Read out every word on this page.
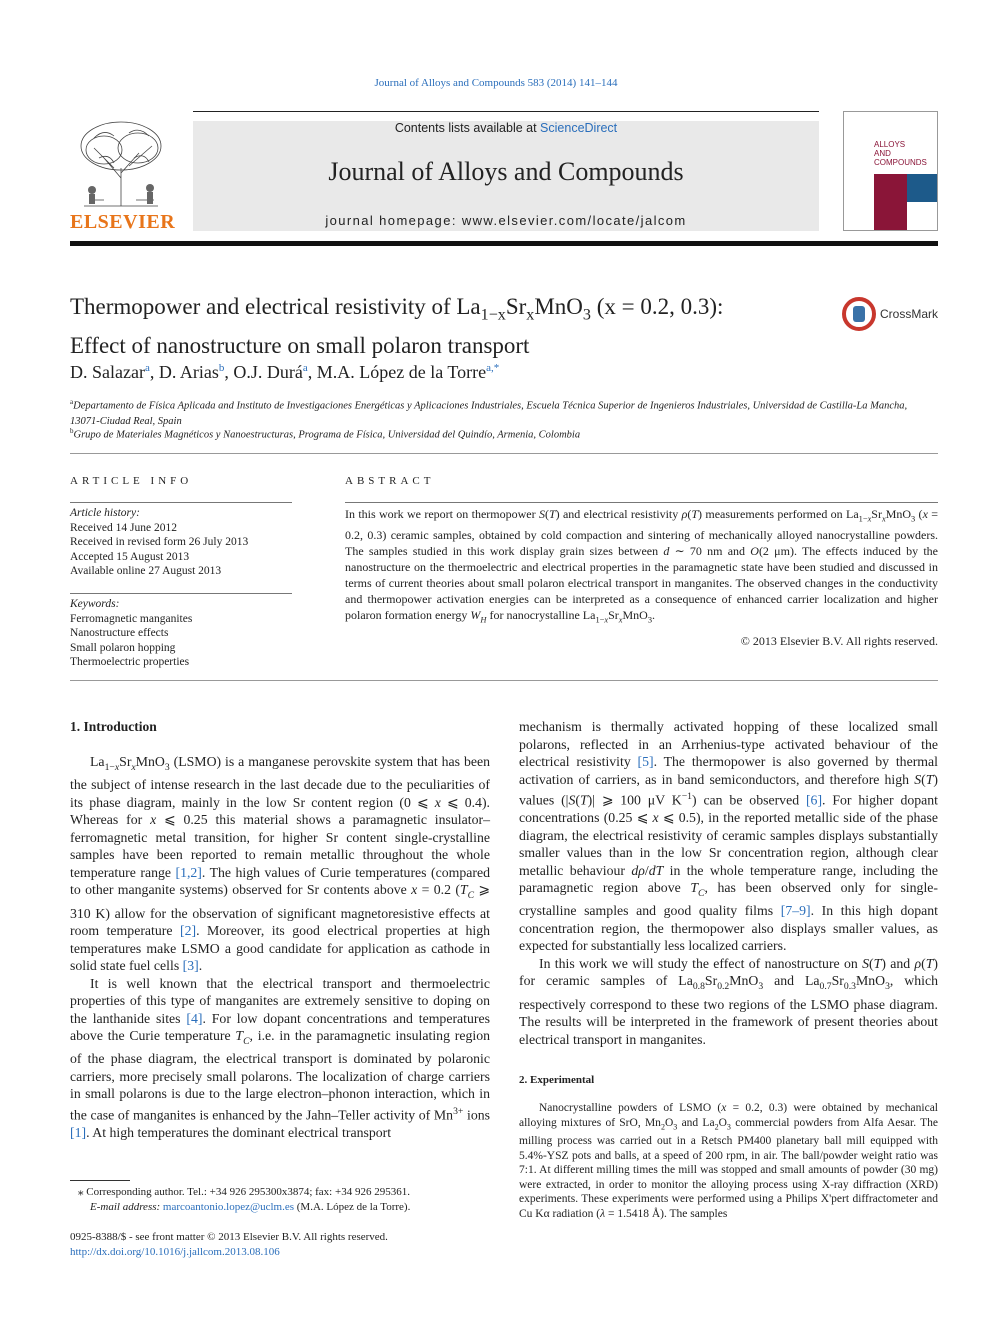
Journal of Alloys and Compounds 583 (2014) 141–144
ELSEVIER
Contents lists available at ScienceDirect
Journal of Alloys and Compounds
journal homepage: www.elsevier.com/locate/jalcom
ALLOYS
AND COMPOUNDS
Thermopower and electrical resistivity of $La_{1-x}Sr_xMnO_3$ (x = 0.2, 0.3):
Effect of nanostructure on small polaron transport
CrossMark
D. Salazar$^a$, D. Arias$^b$, O.J. Durá$^a$, M.A. López de la Torre$^{a,*}$
$^a$Departamento de Física Aplicada and Instituto de Investigaciones Energéticas y Aplicaciones Industriales, Escuela Técnica Superior de Ingenieros Industriales, Universidad de Castilla-La Mancha, 13071-Ciudad Real, Spain
$^b$Grupo de Materiales Magnéticos y Nanoestructuras, Programa de Física, Universidad del Quindío, Armenia, Colombia
ARTICLE INFO
Article history:
Received 14 June 2012
Received in revised form 26 July 2013
Accepted 15 August 2013
Available online 27 August 2013
Keywords:
Ferromagnetic manganites
Nanostructure effects
Small polaron hopping
Thermoelectric properties
ABSTRACT
In this work we report on thermopower S(T) and electrical resistivity ρ(T) measurements performed on $La_{1-x}Sr_xMnO_3$ (x = 0.2, 0.3) ceramic samples, obtained by cold compaction and sintering of mechanically alloyed nanocrystalline powders. The samples studied in this work display grain sizes between d ∼ 70 nm and O(2 μm). The effects induced by the nanostructure on the thermoelectric and electrical properties in the paramagnetic state have been studied and discussed in terms of current theories about small polaron electrical transport in manganites. The observed changes in the conductivity and thermopower activation energies can be interpreted as a consequence of enhanced carrier localization and higher polaron formation energy $W_H$ for nanocrystalline $La_{1-x}Sr_xMnO_3$.
© 2013 Elsevier B.V. All rights reserved.
1. Introduction

$La_{1-x}Sr_xMnO_3$ (LSMO) is a manganese perovskite system that has been the subject of intense research in the last decade due to the peculiarities of its phase diagram, mainly in the low Sr content region (0 ⩽ x ⩽ 0.4). Whereas for x ⩽ 0.25 this material shows a paramagnetic insulator–ferromagnetic metal transition, for higher Sr content single-crystalline samples have been reported to remain metallic throughout the whole temperature range [1,2]. The high values of Curie temperatures (compared to other manganite systems) observed for Sr contents above x = 0.2 ($T_C$ ⩾ 310 K) allow for the observation of significant magnetoresistive effects at room temperature [2]. Moreover, its good electrical properties at high temperatures make LSMO a good candidate for application as cathode in solid state fuel cells [3].

It is well known that the electrical transport and thermoelectric properties of this type of manganites are extremely sensitive to doping on the lanthanide sites [4]. For low dopant concentrations and temperatures above the Curie temperature $T_C$, i.e. in the paramagnetic insulating region of the phase diagram, the electrical transport is dominated by polaronic carriers, more precisely small polarons. The localization of charge carriers in small polarons is due to the large electron–phonon interaction, which in the case of manganites is enhanced by the Jahn–Teller activity of $Mn^{3+}$ ions [1]. At high temperatures the dominant electrical transport

mechanism is thermally activated hopping of these localized small polarons, reflected in an Arrhenius-type activated behaviour of the electrical resistivity [5]. The thermopower is also governed by thermal activation of carriers, as in band semiconductors, and therefore high S(T) values (|S(T)| ⩾ 100 μV $K^{-1}$) can be observed [6]. For higher dopant concentrations (0.25 ⩽ x ⩽ 0.5), in the reported metallic side of the phase diagram, the electrical resistivity of ceramic samples displays substantially smaller values than in the low Sr concentration region, although clear metallic behaviour dρ/dT in the whole temperature range, including the paramagnetic region above $T_C$, has been observed only for single-crystalline samples and good quality films [7–9]. In this high dopant concentration region, the thermopower also displays smaller values, as expected for substantially less localized carriers.

In this work we will study the effect of nanostructure on S(T) and ρ(T) for ceramic samples of $La_{0.8}Sr_{0.2}MnO_3$ and $La_{0.7}Sr_{0.3}MnO_3$, which respectively correspond to these two regions of the LSMO phase diagram. The results will be interpreted in the framework of present theories about electrical transport in manganites.

2. Experimental

Nanocrystalline powders of LSMO (x = 0.2, 0.3) were obtained by mechanical alloying mixtures of SrO, $Mn_2O_3$ and $La_2O_3$ commercial powders from Alfa Aesar. The milling process was carried out in a Retsch PM400 planetary ball mill equipped with 5.4%-YSZ pots and balls, at a speed of 200 rpm, in air. The ball/powder weight ratio was 7:1. At different milling times the mill was stopped and small amounts of powder (30 mg) were extracted, in order to monitor the alloying process using X-ray diffraction (XRD) experiments. These experiments were performed using a Philips X'pert diffractometer and Cu Kα radiation (λ = 1.5418 Å). The samples

⁎ Corresponding author. Tel.: +34 926 295300x3874; fax: +34 926 295361.
E-mail address: marcoantonio.lopez@uclm.es (M.A. López de la Torre).
0925-8388/$ - see front matter © 2013 Elsevier B.V. All rights reserved.
http://dx.doi.org/10.1016/j.jallcom.2013.08.106
